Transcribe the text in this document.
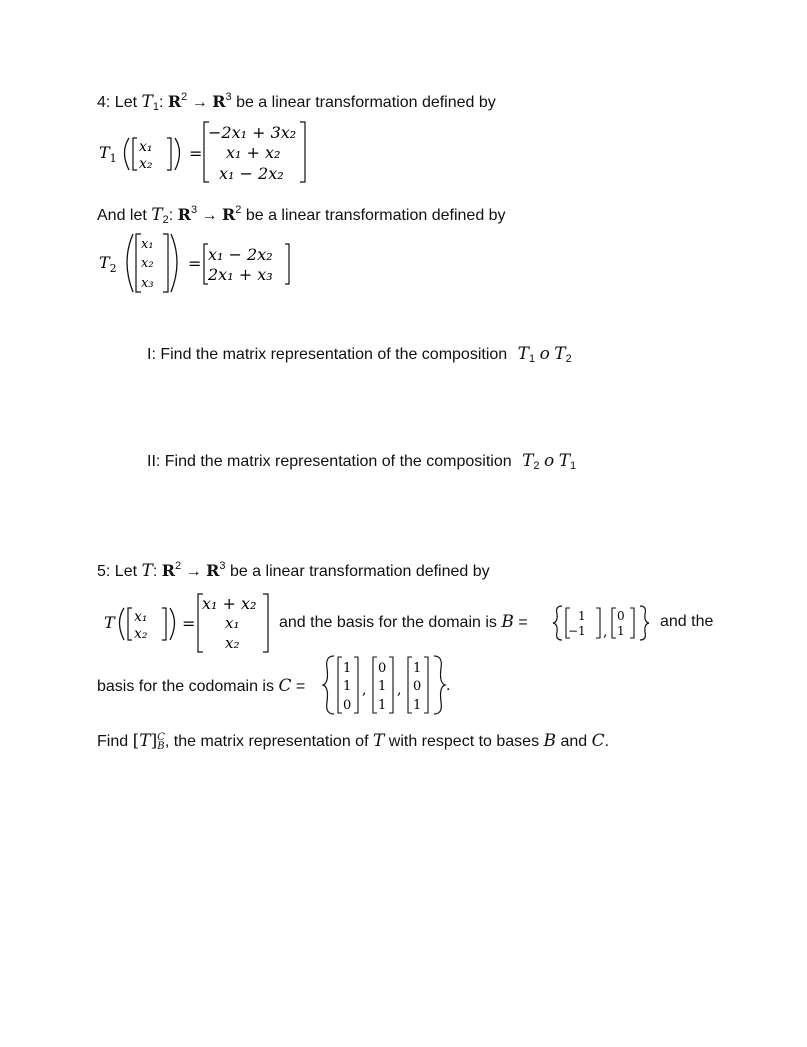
4: Let $T_1$: $R^2 \to R^3$ be a linear transformation defined by
$T_1$
x₁
x₂
=
−2x₁ + 3x₂
x₁ + x₂
x₁ − 2x₂
And let $T_2$: $R^3 \to R^2$ be a linear transformation defined by
$T_2$
x₁
x₂
x₃
= x₁ − 2x₂
2x₁ + x₃
I: Find the matrix representation of the composition $T_1$ o $T_2$
II: Find the matrix representation of the composition $T_2$ o $T_1$
5: Let T: $R^2 \to R^3$ be a linear transformation defined by
T x₁
x₂
=
x₁ + x₂
x₁
x₂
and the basis for the domain is B =	1
−1 ,
0
1
and the
basis for the codomain is C =
1
1
0
,
0
1
1
,
1
0
1
.
Find [T]C
B, the matrix representation of T with respect to bases B and C.
